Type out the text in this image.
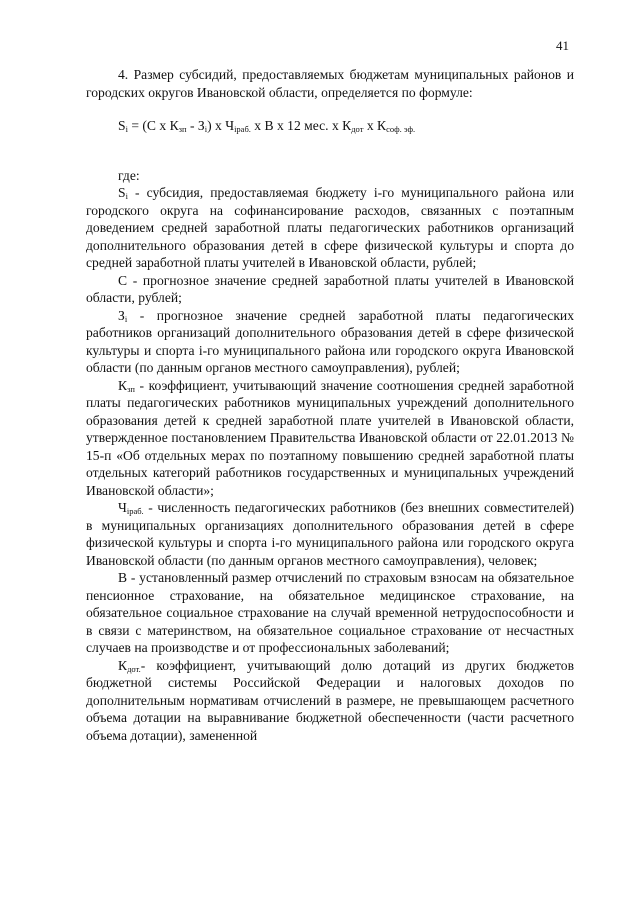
41

4. Размер субсидий, предоставляемых бюджетам муниципальных районов и городских округов Ивановской области, определяется по формуле:

$S_i = (С$ х $К_{зп} - З_i$) х $Ч_{iраб.}$ х В х 12 мес. х $К_{дот}$ х $К_{соф. эф.}$

где:

$S_i$ - субсидия, предоставляемая бюджету i-го муниципального района или городского округа на софинансирование расходов, связанных с поэтапным доведением средней заработной платы педагогических работников организаций дополнительного образования детей в сфере физической культуры и спорта до средней заработной платы учителей в Ивановской области, рублей;

С - прогнозное значение средней заработной платы учителей в Ивановской области, рублей;

$З_i$ - прогнозное значение средней заработной платы педагогических работников организаций дополнительного образования детей в сфере физической культуры и спорта i-го муниципального района или городского округа Ивановской области (по данным органов местного самоуправления), рублей;

$К_{зп}$ - коэффициент, учитывающий значение соотношения средней заработной платы педагогических работников муниципальных учреждений дополнительного образования детей к средней заработной плате учителей в Ивановской области, утвержденное постановлением Правительства Ивановской области от 22.01.2013 № 15-п «Об отдельных мерах по поэтапному повышению средней заработной платы отдельных категорий работников государственных и муниципальных учреждений Ивановской области»;

$Ч_{iраб.}$ - численность педагогических работников (без внешних совместителей) в муниципальных организациях дополнительного образования детей в сфере физической культуры и спорта i-го муниципального района или городского округа Ивановской области (по данным органов местного самоуправления), человек;

В - установленный размер отчислений по страховым взносам на обязательное пенсионное страхование, на обязательное медицинское страхование, на обязательное социальное страхование на случай временной нетрудоспособности и в связи с материнством, на обязательное социальное страхование от несчастных случаев на производстве и от профессиональных заболеваний;

$К_{дот.}-$ коэффициент, учитывающий долю дотаций из других бюджетов бюджетной системы Российской Федерации и налоговых доходов по дополнительным нормативам отчислений в размере, не превышающем расчетного объема дотации на выравнивание бюджетной обеспеченности (части расчетного объема дотации), замененной
